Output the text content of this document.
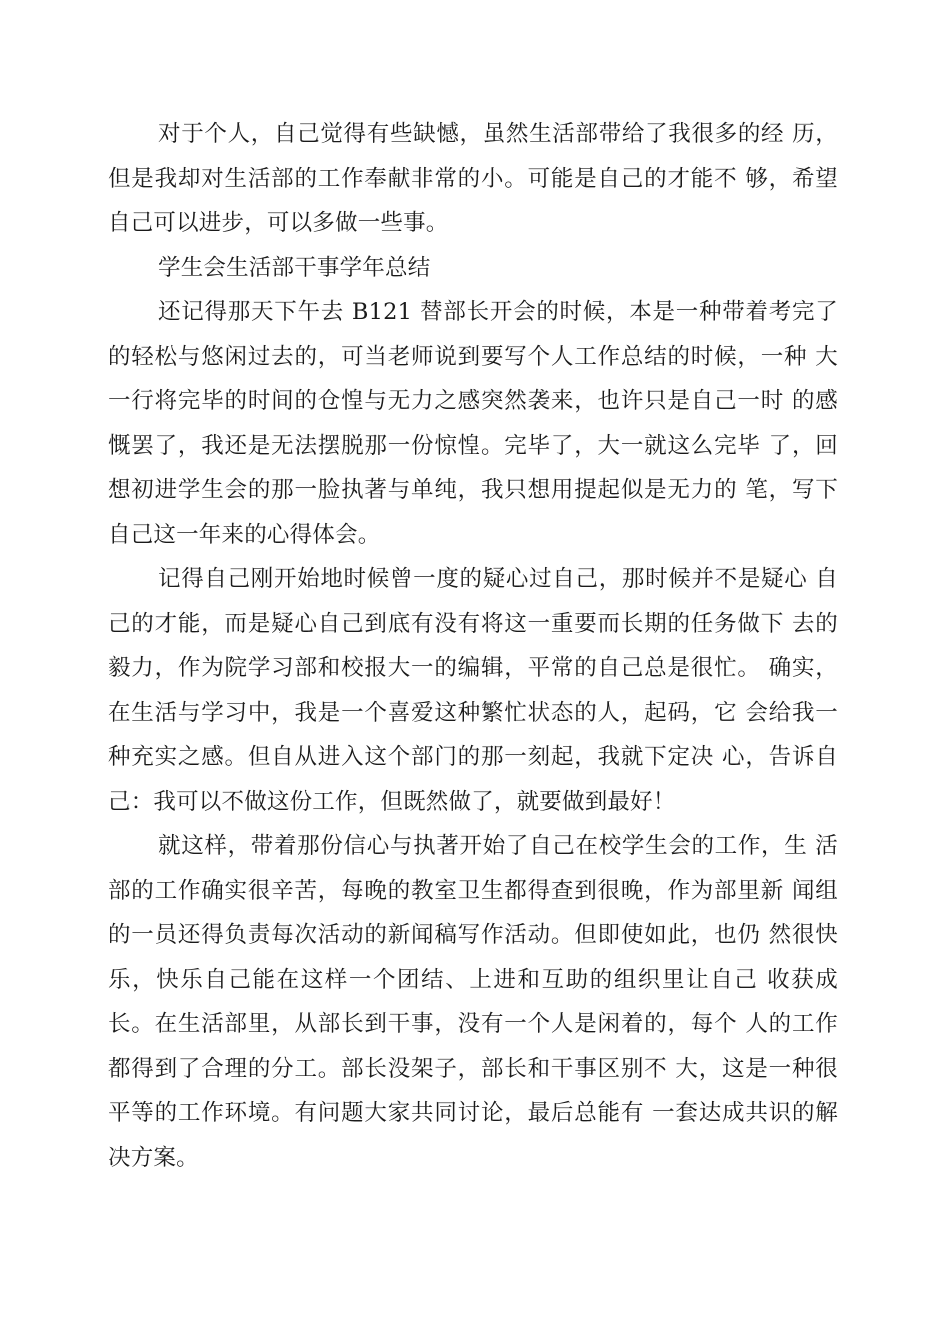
对于个人，自己觉得有些缺憾，虽然生活部带给了我很多的经 历，
但是我却对生活部的工作奉献非常的小。可能是自己的才能不 够，希望
自己可以进步，可以多做一些事。
学生会生活部干事学年总结
还记得那天下午去 B121 替部长开会的时候，本是一种带着考完了
的轻松与悠闲过去的，可当老师说到要写个人工作总结的时候，一种 大
一行将完毕的时间的仓惶与无力之感突然袭来，也许只是自己一时 的感
慨罢了，我还是无法摆脱那一份惊惶。完毕了，大一就这么完毕 了，回
想初进学生会的那一脸执著与单纯，我只想用提起似是无力的 笔，写下
自己这一年来的心得体会。
记得自己刚开始地时候曾一度的疑心过自己，那时候并不是疑心 自
己的才能，而是疑心自己到底有没有将这一重要而长期的任务做下 去的
毅力，作为院学习部和校报大一的编辑，平常的自己总是很忙。 确实，
在生活与学习中，我是一个喜爱这种繁忙状态的人，起码，它 会给我一
种充实之感。但自从进入这个部门的那一刻起，我就下定决 心，告诉自
己：我可以不做这份工作，但既然做了，就要做到最好！
就这样，带着那份信心与执著开始了自己在校学生会的工作，生 活
部的工作确实很辛苦，每晚的教室卫生都得查到很晚，作为部里新 闻组
的一员还得负责每次活动的新闻稿写作活动。但即使如此，也仍 然很快
乐，快乐自己能在这样一个团结、上进和互助的组织里让自己 收获成
长。在生活部里，从部长到干事，没有一个人是闲着的，每个 人的工作
都得到了合理的分工。部长没架子，部长和干事区别不 大，这是一种很
平等的工作环境。有问题大家共同讨论，最后总能有 一套达成共识的解
决方案。
